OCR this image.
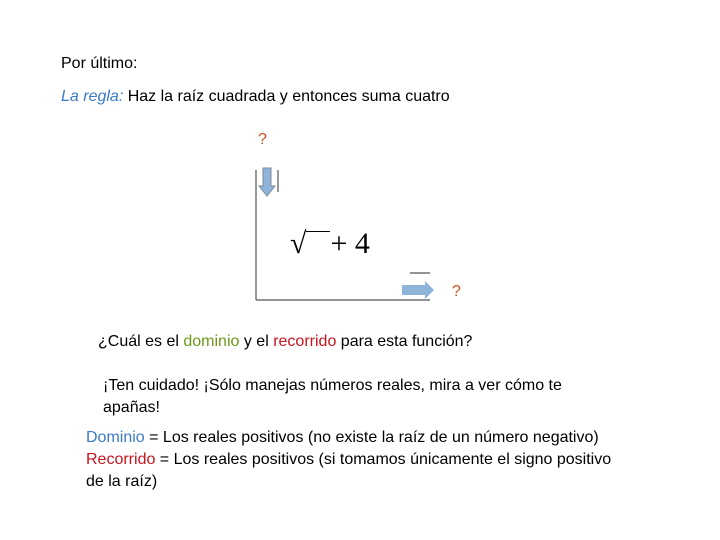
Por último:
La regla: Haz la raíz cuadrada y entonces suma cuatro
?
√ + 4
?
¿Cuál es el dominio y el recorrido para esta función?
¡Ten cuidado! ¡Sólo manejas números reales, mira a ver cómo te apañas!
Dominio = Los reales positivos (no existe la raíz de un número negativo)
Recorrido = Los reales positivos (si tomamos únicamente el signo positivo de la raíz)
